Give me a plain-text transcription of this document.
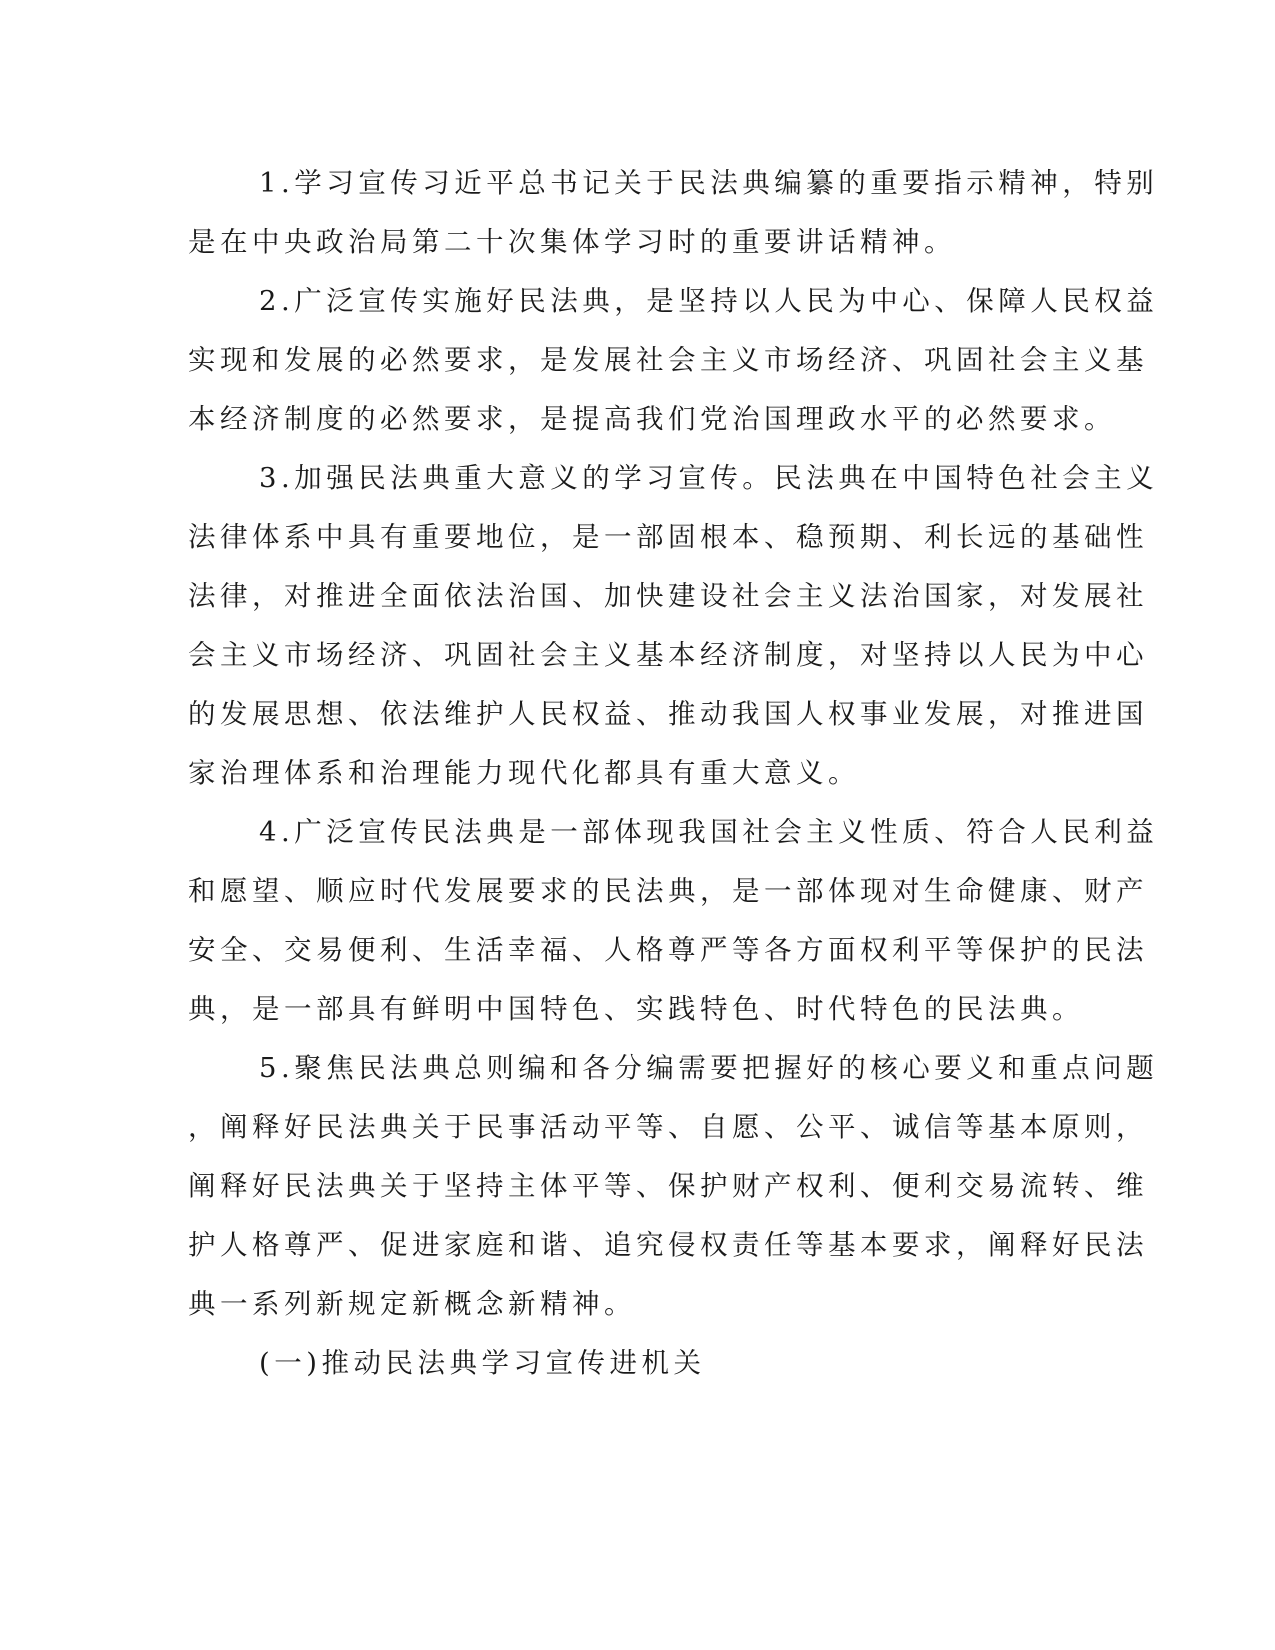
1.学习宣传习近平总书记关于民法典编纂的重要指示精神，特别
是在中央政治局第二十次集体学习时的重要讲话精神。
2.广泛宣传实施好民法典，是坚持以人民为中心、保障人民权益
实现和发展的必然要求，是发展社会主义市场经济、巩固社会主义基
本经济制度的必然要求，是提高我们党治国理政水平的必然要求。
3.加强民法典重大意义的学习宣传。民法典在中国特色社会主义
法律体系中具有重要地位，是一部固根本、稳预期、利长远的基础性
法律，对推进全面依法治国、加快建设社会主义法治国家，对发展社
会主义市场经济、巩固社会主义基本经济制度，对坚持以人民为中心
的发展思想、依法维护人民权益、推动我国人权事业发展，对推进国
家治理体系和治理能力现代化都具有重大意义。
4.广泛宣传民法典是一部体现我国社会主义性质、符合人民利益
和愿望、顺应时代发展要求的民法典，是一部体现对生命健康、财产
安全、交易便利、生活幸福、人格尊严等各方面权利平等保护的民法
典，是一部具有鲜明中国特色、实践特色、时代特色的民法典。
5.聚焦民法典总则编和各分编需要把握好的核心要义和重点问题
，阐释好民法典关于民事活动平等、自愿、公平、诚信等基本原则，
阐释好民法典关于坚持主体平等、保护财产权利、便利交易流转、维
护人格尊严、促进家庭和谐、追究侵权责任等基本要求，阐释好民法
典一系列新规定新概念新精神。
(一)推动民法典学习宣传进机关
